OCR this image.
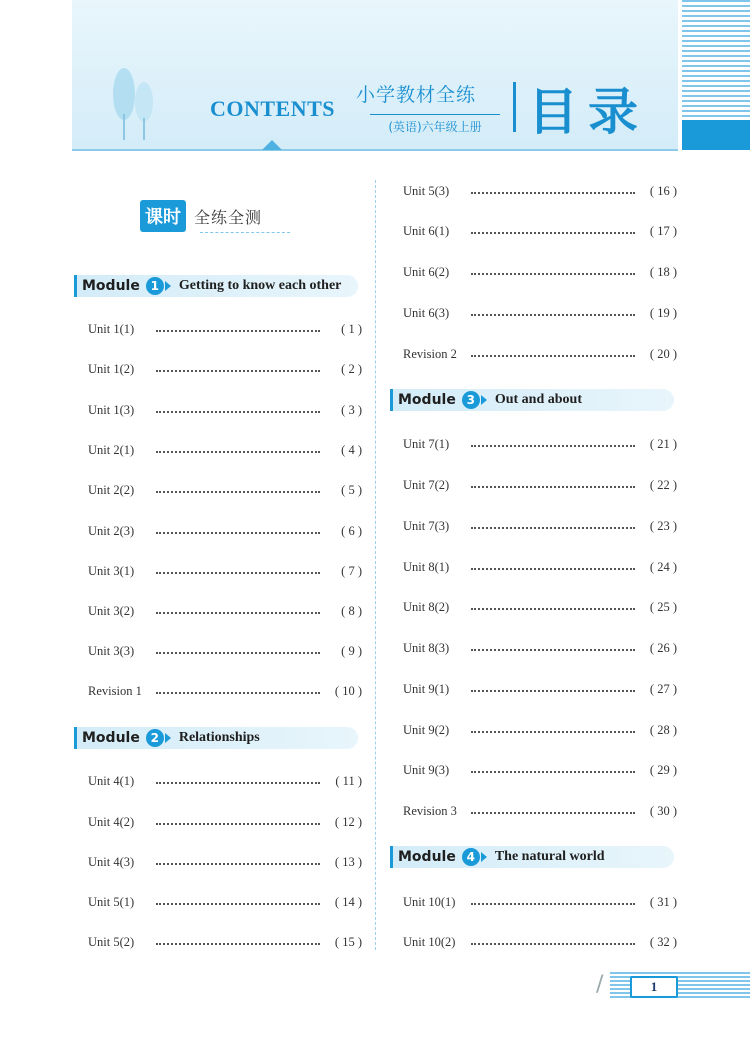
CONTENTS
小学教材全练
(英语)六年级上册 目录
课时 全练全测
Module 1	Getting to know each other
Module 2	Relationships
Module 3	Out and about
Module 4	The natural world
Unit 1(1)	( 1 )
Unit 1(2)	( 2 )
Unit 1(3)	( 3 )
Unit 2(1)	( 4 )
Unit 2(2)	( 5 )
Unit 2(3)	( 6 )
Unit 3(1)	( 7 )
Unit 3(2)	( 8 )
Unit 3(3)	( 9 )
Revision 1	( 10 )
Unit 4(1)	( 11 )
Unit 4(2)	( 12 )
Unit 4(3)	( 13 )
Unit 5(1)	( 14 )
Unit 5(2)	( 15 )
Unit 5(3)	( 16 )
Unit 6(1)	( 17 )
Unit 6(2)	( 18 )
Unit 6(3)	( 19 )
Revision 2	( 20 )
Unit 7(1)	( 21 )
Unit 7(2)	( 22 )
Unit 7(3)	( 23 )
Unit 8(1)	( 24 )
Unit 8(2)	( 25 )
Unit 8(3)	( 26 )
Unit 9(1)	( 27 )
Unit 9(2)	( 28 )
Unit 9(3)	( 29 )
Revision 3	( 30 )
Unit 10(1)	( 31 )
Unit 10(2)	( 32 )
/	1
